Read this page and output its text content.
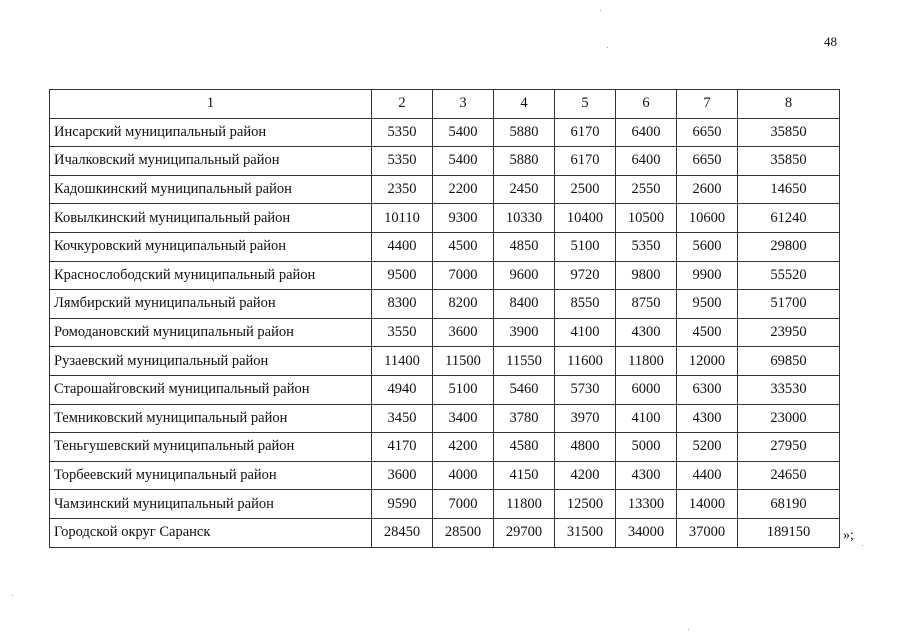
48
1	2	3	4	5	6	7	8
Инсарский муниципальный район	5350	5400	5880	6170	6400	6650	35850
Ичалковский муниципальный район	5350	5400	5880	6170	6400	6650	35850
Кадошкинский муниципальный район	2350	2200	2450	2500	2550	2600	14650
Ковылкинский муниципальный район	10110	9300	10330	10400	10500	10600	61240
Кочкуровский муниципальный район	4400	4500	4850	5100	5350	5600	29800
Краснослободский муниципальный район	9500	7000	9600	9720	9800	9900	55520
Лямбирский муниципальный район	8300	8200	8400	8550	8750	9500	51700
Ромодановский муниципальный район	3550	3600	3900	4100	4300	4500	23950
Рузаевский муниципальный район	11400	11500	11550	11600	11800	12000	69850
Старошайговский муниципальный район	4940	5100	5460	5730	6000	6300	33530
Темниковский муниципальный район	3450	3400	3780	3970	4100	4300	23000
Теньгушевский муниципальный район	4170	4200	4580	4800	5000	5200	27950
Торбеевский муниципальный район	3600	4000	4150	4200	4300	4400	24650
Чамзинский муниципальный район	9590	7000	11800	12500	13300	14000	68190
Городской округ Саранск	28450	28500	29700	31500	34000	37000	189150 »;
